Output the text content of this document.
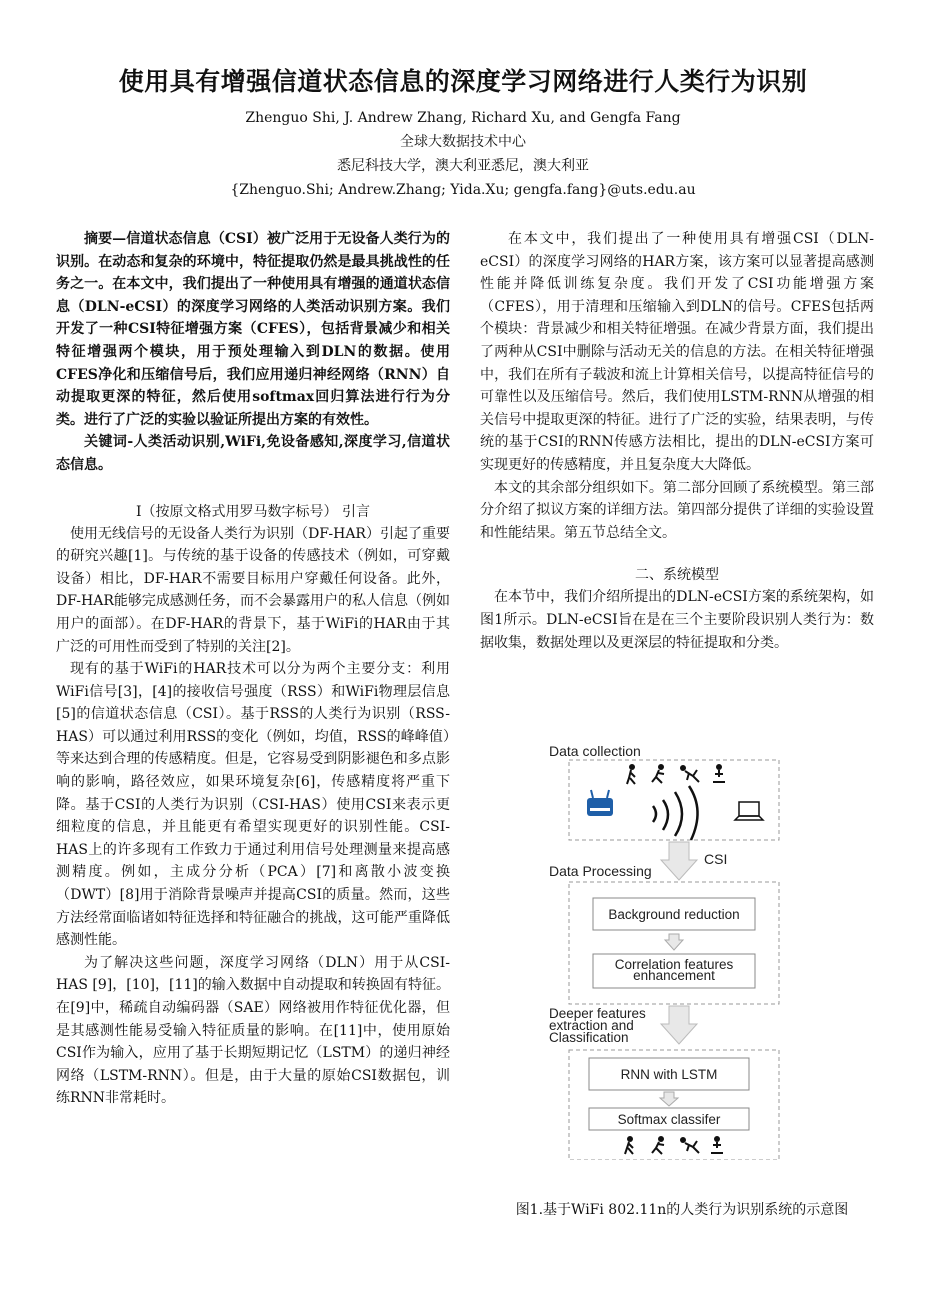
使用具有增强信道状态信息的深度学习网络进行人类行为识别
Zhenguo Shi, J. Andrew Zhang, Richard Xu, and Gengfa Fang
全球大数据技术中心
悉尼科技大学，澳大利亚悉尼，澳大利亚
{Zhenguo.Shi; Andrew.Zhang; Yida.Xu; gengfa.fang}@uts.edu.au

摘要—信道状态信息（CSI）被广泛用于无设备人类行为的识别。在动态和复杂的环境中，特征提取仍然是最具挑战性的任务之一。在本文中，我们提出了一种使用具有增强的通道状态信息（DLN-eCSI）的深度学习网络的人类活动识别方案。我们开发了一种CSI特征增强方案（CFES），包括背景减少和相关特征增强两个模块，用于预处理输入到DLN的数据。使用CFES净化和压缩信号后，我们应用递归神经网络（RNN）自动提取更深的特征，然后使用softmax回归算法进行行为分类。进行了广泛的实验以验证所提出方案的有效性。

关键词-人类活动识别,WiFi,免设备感知,深度学习,信道状态信息。

I（按原文格式用罗马数字标号） 引言

使用无线信号的无设备人类行为识别（DF-HAR）引起了重要的研究兴趣[1]。与传统的基于设备的传感技术（例如，可穿戴设备）相比，DF-HAR不需要目标用户穿戴任何设备。此外，DF-HAR能够完成感测任务，而不会暴露用户的私人信息（例如用户的面部）。在DF-HAR的背景下，基于WiFi的HAR由于其广泛的可用性而受到了特别的关注[2]。

现有的基于WiFi的HAR技术可以分为两个主要分支：利用WiFi信号[3]，[4]的接收信号强度（RSS）和WiFi物理层信息[5]的信道状态信息（CSI）。基于RSS的人类行为识别（RSS-HAS）可以通过利用RSS的变化（例如，均值，RSS的峰峰值）等来达到合理的传感精度。但是，它容易受到阴影褪色和多点影响的影响，路径效应，如果环境复杂[6]，传感精度将严重下降。基于CSI的人类行为识别（CSI-HAS）使用CSI来表示更细粒度的信息，并且能更有希望实现更好的识别性能。CSI-HAS上的许多现有工作致力于通过利用信号处理测量来提高感测精度。例如，主成分分析（PCA）[7]和离散小波变换（DWT）[8]用于消除背景噪声并提高CSI的质量。然而，这些方法经常面临诸如特征选择和特征融合的挑战，这可能严重降低感测性能。

为了解决这些问题，深度学习网络（DLN）用于从CSI-HAS [9]，[10]，[11]的输入数据中自动提取和转换固有特征。在[9]中，稀疏自动编码器（SAE）网络被用作特征优化器，但是其感测性能易受输入特征质量的影响。在[11]中，使用原始CSI作为输入，应用了基于长期短期记忆（LSTM）的递归神经网络（LSTM-RNN）。但是，由于大量的原始CSI数据包，训练RNN非常耗时。

在本文中，我们提出了一种使用具有增强CSI（DLN-eCSI）的深度学习网络的HAR方案，该方案可以显著提高感测性能并降低训练复杂度。我们开发了CSI功能增强方案（CFES），用于清理和压缩输入到DLN的信号。CFES包括两个模块：背景减少和相关特征增强。在减少背景方面，我们提出了两种从CSI中删除与活动无关的信息的方法。在相关特征增强中，我们在所有子载波和流上计算相关信号，以提高特征信号的可靠性以及压缩信号。然后，我们使用LSTM-RNN从增强的相关信号中提取更深的特征。进行了广泛的实验，结果表明，与传统的基于CSI的RNN传感方法相比，提出的DLN-eCSI方案可实现更好的传感精度，并且复杂度大大降低。

本文的其余部分组织如下。第二部分回顾了系统模型。第三部分介绍了拟议方案的详细方法。第四部分提供了详细的实验设置和性能结果。第五节总结全文。

二、系统模型

在本节中，我们介绍所提出的DLN-eCSI方案的系统架构，如图1所示。DLN-eCSI旨在是在三个主要阶段识别人类行为：数据收集，数据处理以及更深层的特征提取和分类。

Data collection
CSI
Data Processing
Background reduction
Correlation features
enhancement
Deeper features
extraction and
Classification
RNN with LSTM
Softmax classifer
图1.基于WiFi 802.11n的人类行为识别系统的示意图
